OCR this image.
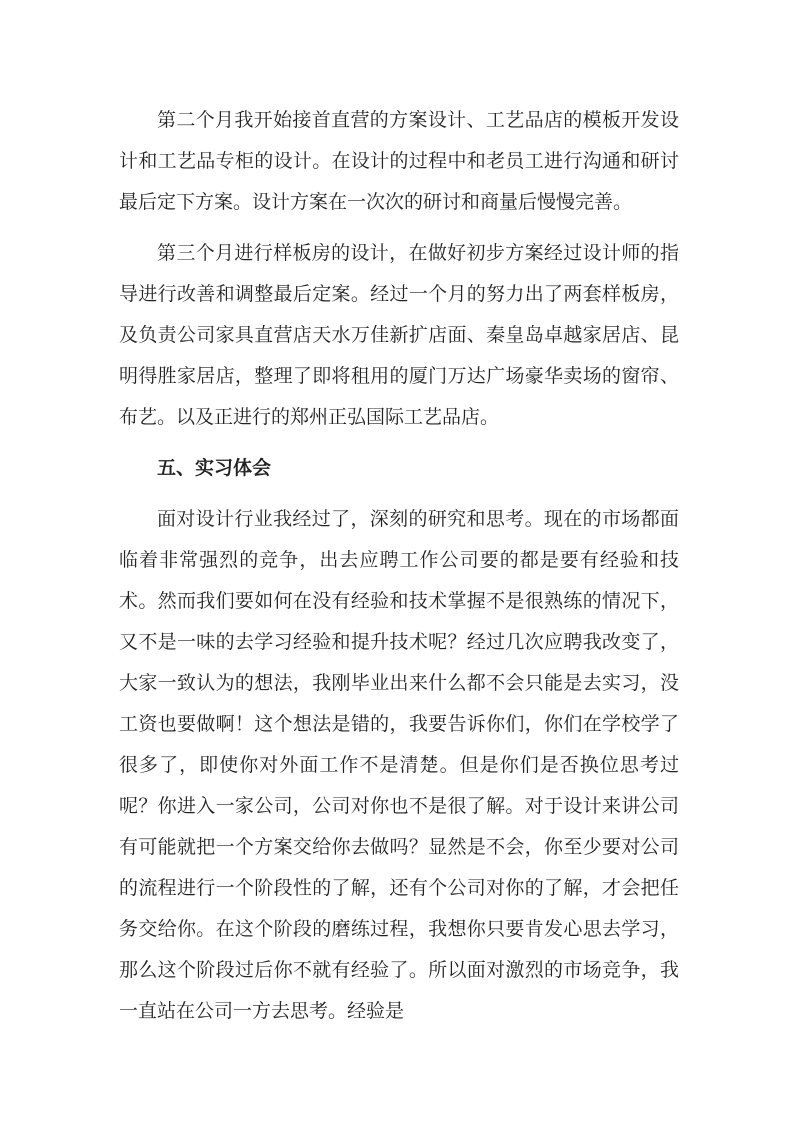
第二个月我开始接首直营的方案设计、工艺品店的模板开发设计和工艺品专柜的设计。在设计的过程中和老员工进行沟通和研讨最后定下方案。设计方案在一次次的研讨和商量后慢慢完善。

第三个月进行样板房的设计，在做好初步方案经过设计师的指导进行改善和调整最后定案。经过一个月的努力出了两套样板房，及负责公司家具直营店天水万佳新扩店面、秦皇岛卓越家居店、昆明得胜家居店，整理了即将租用的厦门万达广场豪华卖场的窗帘、布艺。以及正进行的郑州正弘国际工艺品店。

五、实习体会

面对设计行业我经过了，深刻的研究和思考。现在的市场都面临着非常强烈的竞争，出去应聘工作公司要的都是要有经验和技术。然而我们要如何在没有经验和技术掌握不是很熟练的情况下，又不是一味的去学习经验和提升技术呢？经过几次应聘我改变了，大家一致认为的想法，我刚毕业出来什么都不会只能是去实习，没工资也要做啊！这个想法是错的，我要告诉你们，你们在学校学了很多了，即使你对外面工作不是清楚。但是你们是否换位思考过呢？你进入一家公司，公司对你也不是很了解。对于设计来讲公司有可能就把一个方案交给你去做吗？显然是不会，你至少要对公司的流程进行一个阶段性的了解，还有个公司对你的了解，才会把任务交给你。在这个阶段的磨练过程，我想你只要肯发心思去学习，那么这个阶段过后你不就有经验了。所以面对激烈的市场竞争，我一直站在公司一方去思考。经验是
